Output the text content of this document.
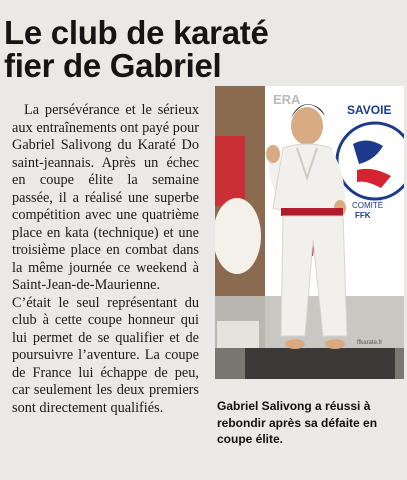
Le club de karaté
fier de Gabriel

La persévérance et le sérieux aux entraînements ont payé pour Gabriel Salivong du Karaté Do saint-jeannais. Après un échec en coupe élite la semaine passée, il a réalisé une superbe compétition avec une quatrième place en kata (technique) et une troisième place en combat dans la même journée ce weekend à Saint-Jean-de-Maurienne. C’était le seul représentant du club à cette coupe honneur qui lui permet de se qualifier et de poursuivre l’aventure. La coupe de France lui échappe de peu, car seulement les deux premiers sont directement qualifiés.

ERA
SAVOIE
COMITÉ
FFK
ffkarate.fr

Gabriel Salivong a réussi à rebondir après sa défaite en coupe élite.
